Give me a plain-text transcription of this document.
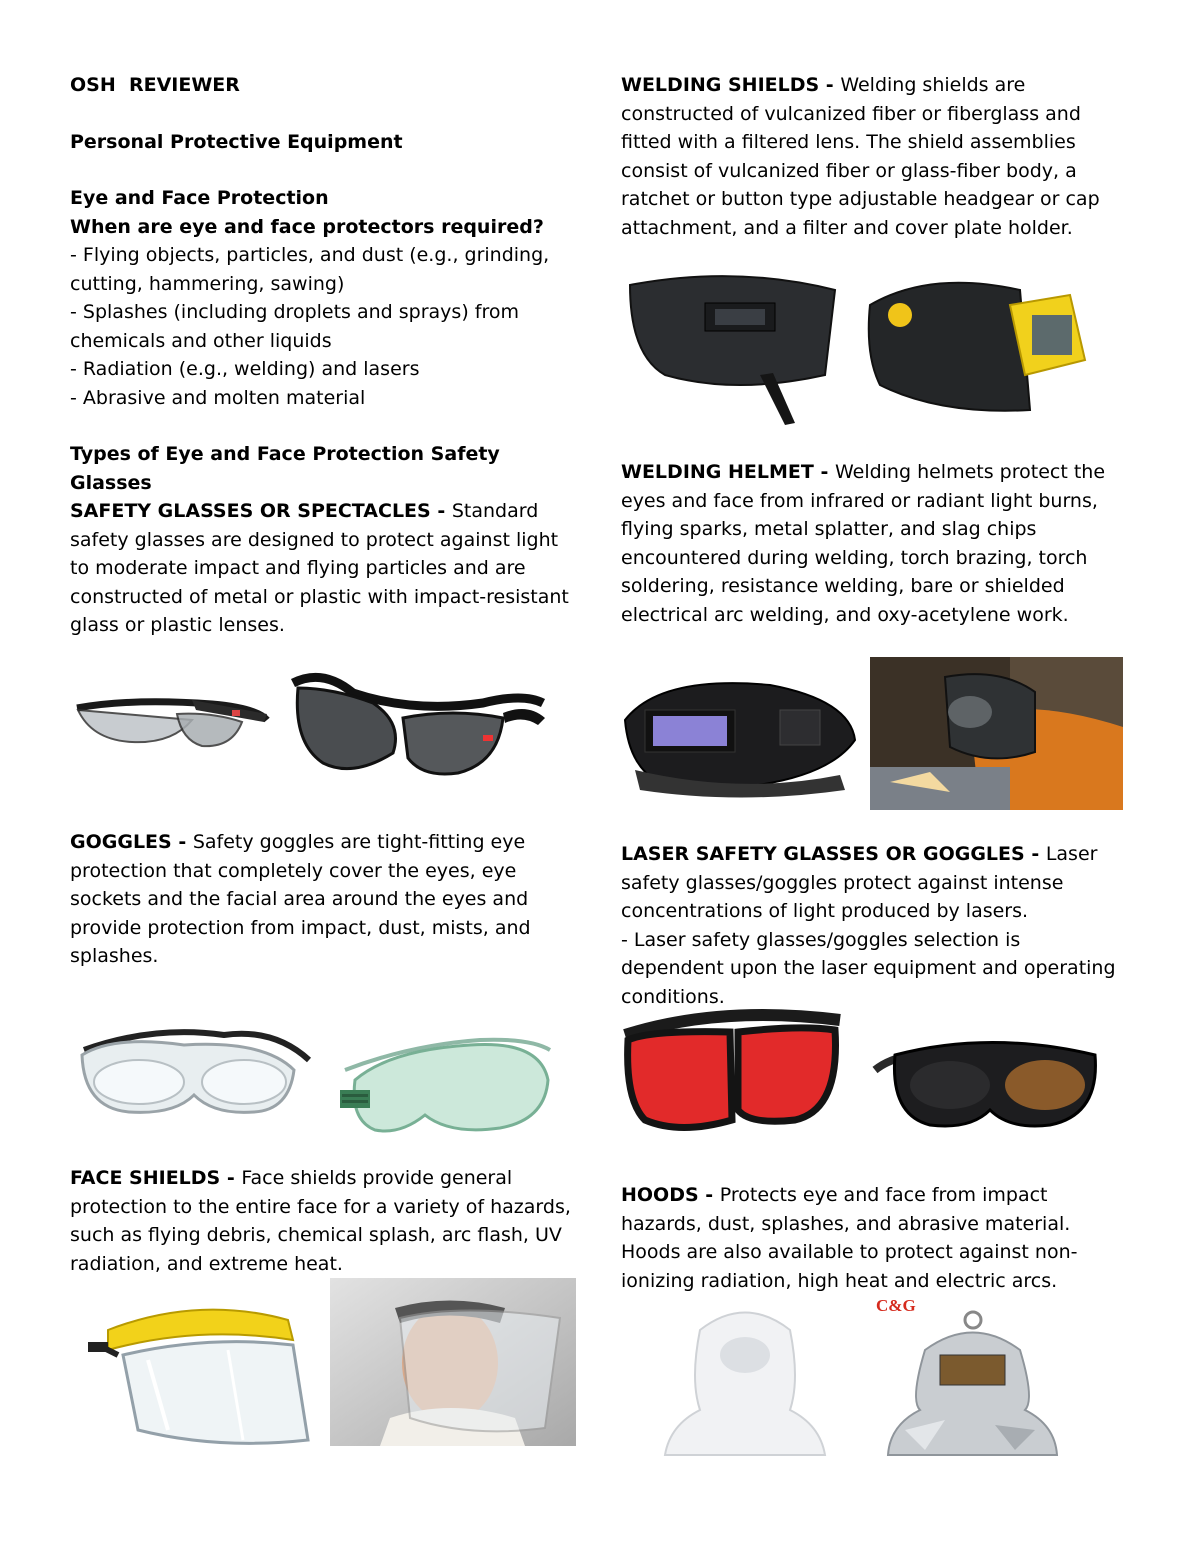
OSH  REVIEWER

Personal Protective Equipment

Eye and Face Protection

When are eye and face protectors required?

- Flying objects, particles, and dust (e.g., grinding, cutting, hammering, sawing)

- Splashes (including droplets and sprays) from chemicals and other liquids

- Radiation (e.g., welding) and lasers

- Abrasive and molten material

Types of Eye and Face Protection Safety Glasses

SAFETY GLASSES OR SPECTACLES - Standard safety glasses are designed to protect against light to moderate impact and flying particles and are constructed of metal or plastic with impact-resistant glass or plastic lenses.

GOGGLES - Safety goggles are tight-fitting eye protection that completely cover the eyes, eye sockets and the facial area around the eyes and provide protection from impact, dust, mists, and splashes.

FACE SHIELDS - Face shields provide general protection to the entire face for a variety of hazards, such as flying debris, chemical splash, arc flash, UV radiation, and extreme heat.

WELDING SHIELDS - Welding shields are constructed of vulcanized fiber or fiberglass and fitted with a filtered lens. The shield assemblies consist of vulcanized fiber or glass-fiber body, a ratchet or button type adjustable headgear or cap attachment, and a filter and cover plate holder.

WELDING HELMET - Welding helmets protect the eyes and face from infrared or radiant light burns, flying sparks, metal splatter, and slag chips encountered during welding, torch brazing, torch soldering, resistance welding, bare or shielded electrical arc welding, and oxy-acetylene work.

LASER SAFETY GLASSES OR GOGGLES - Laser safety glasses/goggles protect against intense concentrations of light produced by lasers.

- Laser safety glasses/goggles selection is dependent upon the laser equipment and operating conditions.

HOODS - Protects eye and face from impact hazards, dust, splashes, and abrasive material. Hoods are also available to protect against non-ionizing radiation, high heat and electric arcs.

C&G
